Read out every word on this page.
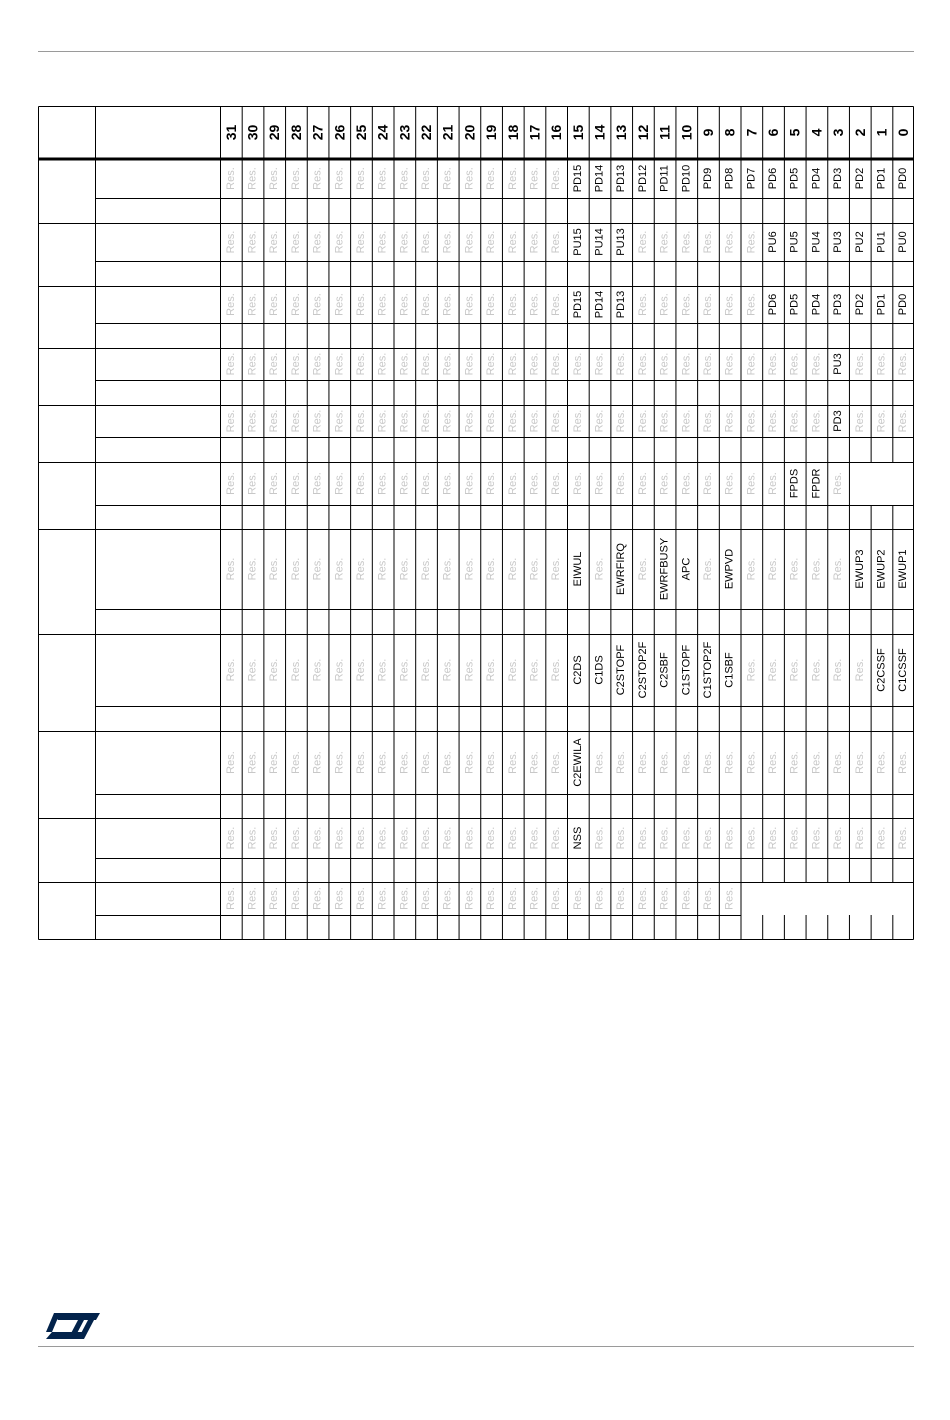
31 30 29 28 27 26 25 24 23 22 21 20 19 18 17 16 15 14 13 12 11 10 9 8 7 6 5 4 3 2 1 0
Res. Res. Res. Res. Res. Res. Res. Res. Res. Res. Res. Res. Res. Res. Res. Res. PD15 PD14 PD13 PD12 PD11 PD10 PD9 PD8 PD7 PD6 PD5 PD4 PD3 PD2 PD1 PD0
Res. Res. Res. Res. Res. Res. Res. Res. Res. Res. Res. Res. Res. Res. Res. Res. PU15 PU14 PU13 Res. Res. Res. Res. Res. Res. PU6 PU5 PU4 PU3 PU2 PU1 PU0
Res. Res. Res. Res. Res. Res. Res. Res. Res. Res. Res. Res. Res. Res. Res. Res. PD15 PD14 PD13 Res. Res. Res. Res. Res. Res. PD6 PD5 PD4 PD3 PD2 PD1 PD0
Res. Res. Res. Res. Res. Res. Res. Res. Res. Res. Res. Res. Res. Res. Res. Res. Res. Res. Res. Res. Res. Res. Res. Res. Res. Res. Res. Res. PU3 Res. Res. Res.
Res. Res. Res. Res. Res. Res. Res. Res. Res. Res. Res. Res. Res. Res. Res. Res. Res. Res. Res. Res. Res. Res. Res. Res. Res. Res. Res. Res. PD3 Res. Res. Res.
Res. Res. Res. Res. Res. Res. Res. Res. Res. Res. Res. Res. Res. Res. Res. Res. Res. Res. Res. Res. Res. Res. Res. Res. Res. Res. FPDS FPDR Res.
Res. Res. Res. Res. Res. Res. Res. Res. Res. Res. Res. Res. Res. Res. Res. Res. EIWUL Res. EWRFIRQ Res. EWRFBUSY APC Res. EWPVD Res. Res. Res. Res. Res. EWUP3 EWUP2 EWUP1
Res. Res. Res. Res. Res. Res. Res. Res. Res. Res. Res. Res. Res. Res. Res. Res. C2DS C1DS C2STOPF C2STOP2F C2SBF C1STOPF C1STOP2F C1SBF Res. Res. Res. Res. Res. Res. C2CSSF C1CSSF
Res. Res. Res. Res. Res. Res. Res. Res. Res. Res. Res. Res. Res. Res. Res. Res. C2EWILA Res. Res. Res. Res. Res. Res. Res. Res. Res. Res. Res. Res. Res. Res. Res.
Res. Res. Res. Res. Res. Res. Res. Res. Res. Res. Res. Res. Res. Res. Res. Res. NSS Res. Res. Res. Res. Res. Res. Res. Res. Res. Res. Res. Res. Res. Res. Res.
Res. Res. Res. Res. Res. Res. Res. Res. Res. Res. Res. Res. Res. Res. Res. Res. Res. Res. Res. Res. Res. Res. Res. Res.
